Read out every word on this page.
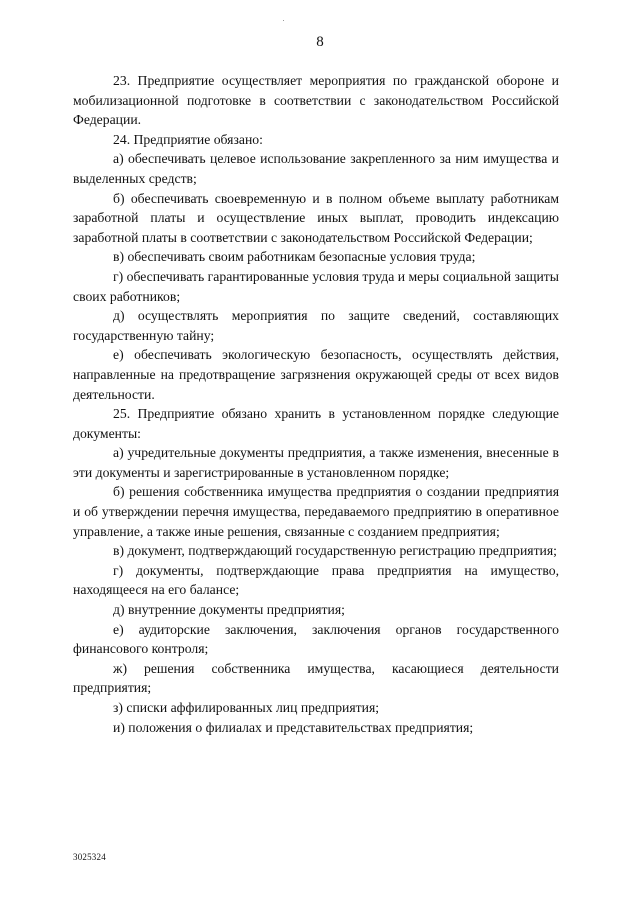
8

23. Предприятие осуществляет мероприятия по гражданской обороне и мобилизационной подготовке в соответствии с законодательством Российской Федерации.

24. Предприятие обязано:

а) обеспечивать целевое использование закрепленного за ним имущества и выделенных средств;

б) обеспечивать своевременную и в полном объеме выплату работникам заработной платы и осуществление иных выплат, проводить индексацию заработной платы в соответствии с законодательством Российской Федерации;

в) обеспечивать своим работникам безопасные условия труда;

г) обеспечивать гарантированные условия труда и меры социальной защиты своих работников;

д) осуществлять мероприятия по защите сведений, составляющих государственную тайну;

е) обеспечивать экологическую безопасность, осуществлять действия, направленные на предотвращение загрязнения окружающей среды от всех видов деятельности.

25. Предприятие обязано хранить в установленном порядке следующие документы:

а) учредительные документы предприятия, а также изменения, внесенные в эти документы и зарегистрированные в установленном порядке;

б) решения собственника имущества предприятия о создании предприятия и об утверждении перечня имущества, передаваемого предприятию в оперативное управление, а также иные решения, связанные с созданием предприятия;

в) документ, подтверждающий государственную регистрацию предприятия;

г) документы, подтверждающие права предприятия на имущество, находящееся на его балансе;

д) внутренние документы предприятия;

е) аудиторские заключения, заключения органов государственного финансового контроля;

ж) решения собственника имущества, касающиеся деятельности предприятия;

з) списки аффилированных лиц предприятия;

и) положения о филиалах и представительствах предприятия;

3025324
